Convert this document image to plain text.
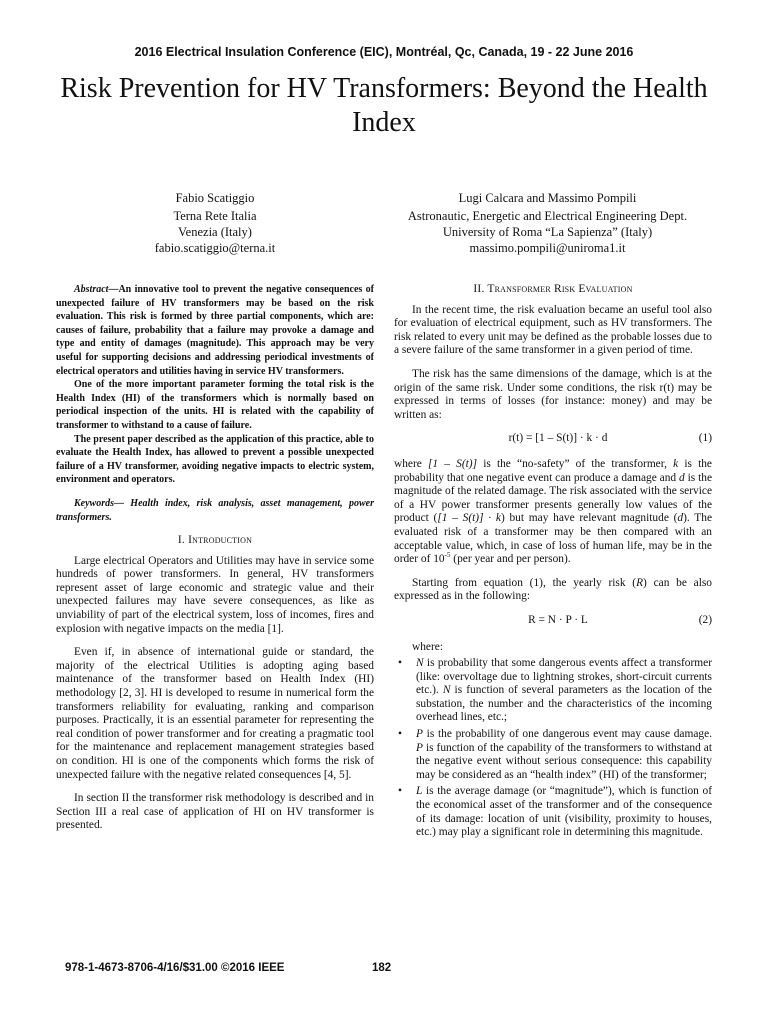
2016 Electrical Insulation Conference (EIC), Montréal, Qc, Canada, 19 - 22 June 2016
Risk Prevention for HV Transformers: Beyond the Health Index
Fabio Scatiggio
Terna Rete Italia
Venezia (Italy)
fabio.scatiggio@terna.it
Lugi Calcara and Massimo Pompili
Astronautic, Energetic and Electrical Engineering Dept.
University of Roma “La Sapienza” (Italy)
massimo.pompili@uniroma1.it

Abstract—An innovative tool to prevent the negative consequences of unexpected failure of HV transformers may be based on the risk evaluation. This risk is formed by three partial components, which are: causes of failure, probability that a failure may provoke a damage and type and entity of damages (magnitude). This approach may be very useful for supporting decisions and addressing periodical investments of electrical operators and utilities having in service HV transformers.

One of the more important parameter forming the total risk is the Health Index (HI) of the transformers which is normally based on periodical inspection of the units. HI is related with the capability of transformer to withstand to a cause of failure.

The present paper described as the application of this practice, able to evaluate the Health Index, has allowed to prevent a possible unexpected failure of a HV transformer, avoiding negative impacts to electric system, environment and operators.

Keywords— Health index, risk analysis, asset management, power transformers.

I. Introduction

Large electrical Operators and Utilities may have in service some hundreds of power transformers. In general, HV transformers represent asset of large economic and strategic value and their unexpected failures may have severe consequences, as like as unviability of part of the electrical system, loss of incomes, fires and explosion with negative impacts on the media [1].

Even if, in absence of international guide or standard, the majority of the electrical Utilities is adopting aging based maintenance of the transformer based on Health Index (HI) methodology [2, 3]. HI is developed to resume in numerical form the transformers reliability for evaluating, ranking and comparison purposes. Practically, it is an essential parameter for representing the real condition of power transformer and for creating a pragmatic tool for the maintenance and replacement management strategies based on condition. HI is one of the components which forms the risk of unexpected failure with the negative related consequences [4, 5].

In section II the transformer risk methodology is described and in Section III a real case of application of HI on HV transformer is presented.

II. Transformer Risk Evaluation

In the recent time, the risk evaluation became an useful tool also for evaluation of electrical equipment, such as HV transformers. The risk related to every unit may be defined as the probable losses due to a severe failure of the same transformer in a given period of time.

The risk has the same dimensions of the damage, which is at the origin of the same risk. Under some conditions, the risk r(t) may be expressed in terms of losses (for instance: money) and may be written as:

r(t) = [1 – S(t)] · k · d	(1)

where [1 – S(t)] is the “no-safety” of the transformer, k is the probability that one negative event can produce a damage and d is the magnitude of the related damage. The risk associated with the service of a HV power transformer presents generally low values of the product ([1 – S(t)] · k) but may have relevant magnitude (d). The evaluated risk of a transformer may be then compared with an acceptable value, which, in case of loss of human life, may be in the order of $10^{-5}$ (per year and per person).

Starting from equation (1), the yearly risk (R) can be also expressed as in the following:

R = N · P · L	(2)
where:
• N is probability that some dangerous events affect a transformer (like: overvoltage due to lightning strokes, short-circuit currents etc.). N is function of several parameters as the location of the substation, the number and the characteristics of the incoming overhead lines, etc.;
• P is the probability of one dangerous event may cause damage. P is function of the capability of the transformers to withstand at the negative event without serious consequence: this capability may be considered as an “health index” (HI) of the transformer;
• L is the average damage (or “magnitude”), which is function of the economical asset of the transformer and of the consequence of its damage: location of unit (visibility, proximity to houses, etc.) may play a significant role in determining this magnitude.
978-1-4673-8706-4/16/$31.00 ©2016 IEEE	182
